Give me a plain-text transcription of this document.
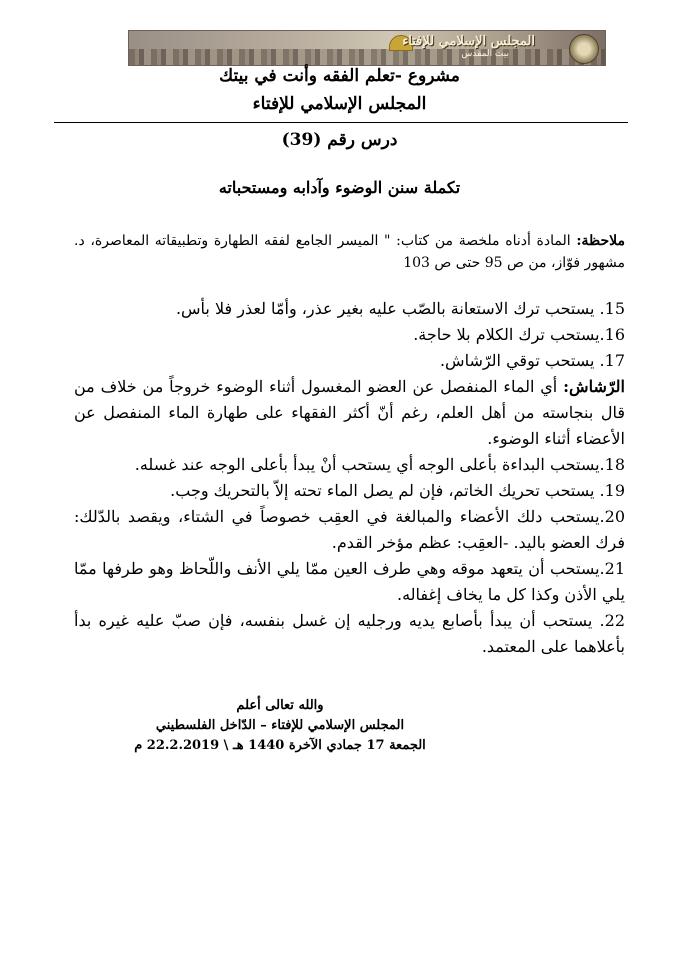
المجلس الإسلامي للإفتاء
بيت المقدس
مشروع -تعلم الفقه وأنت في بيتك
المجلس الإسلامي للإفتاء
درس رقم (39)
تكملة سنن الوضوء وآدابه ومستحباته
ملاحظة: المادة أدناه ملخصة من كتاب: " الميسر الجامع لفقه الطهارة وتطبيقاته المعاصرة، د. مشهور فوّاز، من ص 95 حتى ص 103

15. يستحب ترك الاستعانة بالصّب عليه بغير عذر، وأمّا لعذر فلا بأس.

16.يستحب ترك الكلام بلا حاجة.

17. يستحب توقي الرّشاش.

الرّشاش: أي الماء المنفصل عن العضو المغسول أثناء الوضوء خروجاً من خلاف من قال بنجاسته من أهل العلم، رغم أنّ أكثر الفقهاء على طهارة الماء المنفصل عن الأعضاء أثناء الوضوء.

18.يستحب البداءة بأعلى الوجه أي يستحب أنْ يبدأ بأعلى الوجه عند غسله.

19. يستحب تحريك الخاتم، فإن لم يصل الماء تحته إلاّ بالتحريك وجب.

20.يستحب دلك الأعضاء والمبالغة في العقِب خصوصاً في الشتاء، ويقصد بالدّلك: فرك العضو باليد. -العقِب: عظم مؤخر القدم.

21.يستحب أن يتعهد موقه وهي طرف العين ممّا يلي الأنف واللّحاظ وهو طرفها ممّا يلي الأذن وكذا كل ما يخاف إغفاله.

22. يستحب أن يبدأ بأصابع يديه ورجليه إن غسل بنفسه، فإن صبّ عليه غيره بدأ بأعلاهما على المعتمد.

والله تعالى أعلم
المجلس الإسلامي للإفتاء – الدّاخل الفلسطيني
الجمعة 17 جمادي الآخرة 1440 هـ \ 22.2.2019 م
